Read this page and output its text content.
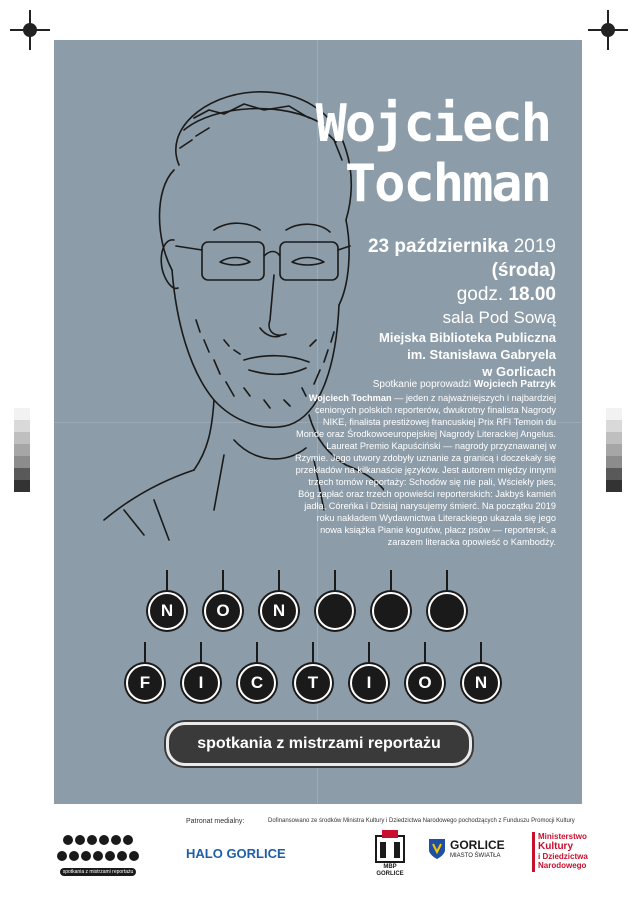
Wojciech
Tochman
23 października 2019
(środa)
godz. 18.00
sala Pod Sową
Miejska Biblioteka Publiczna
im. Stanisława Gabryela
w Gorlicach
Spotkanie poprowadzi Wojciech Patrzyk
Wojciech Tochman — jeden z najważniejszych i najbardziej cenionych polskich reporterów, dwukrotny finalista Nagrody NIKE, finalista prestiżowej francuskiej Prix RFI Temoin du Monde oraz Środkowoeuropejskiej Nagrody Literackiej Angelus. Laureat Premio Kapuściński — nagrody przyznawanej w Rzymie. Jego utwory zdobyły uznanie za granicą i doczekały się przekładów na kilkanaście języków. Jest autorem między innymi trzech tomów reportaży: Schodów się nie pali, Wściekły pies, Bóg zapłać oraz trzech opowieści reporterskich: Jakbyś kamień jadła, Córeńka i Dzisiaj narysujemy śmierć. Na początku 2019 roku nakładem Wydawnictwa Literackiego ukazała się jego nowa książka Pianie kogutów, płacz psów — reportersk, a zarazem literacka opowieść o Kambodży.
N	O	N
F	I	C	T	I	O	N
spotkania z mistrzami reportażu
Patronat medialny:	Dofinansowano ze środków Ministra Kultury i Dziedzictwa Narodowego pochodzących z Funduszu Promocji Kultury
spotkania z mistrzami reportażu
HALO GORLICE
MBP GORLICE
GORLICE
MIASTO ŚWIATŁA
Ministerstwo
Kultury
i Dziedzictwa
Narodowego
